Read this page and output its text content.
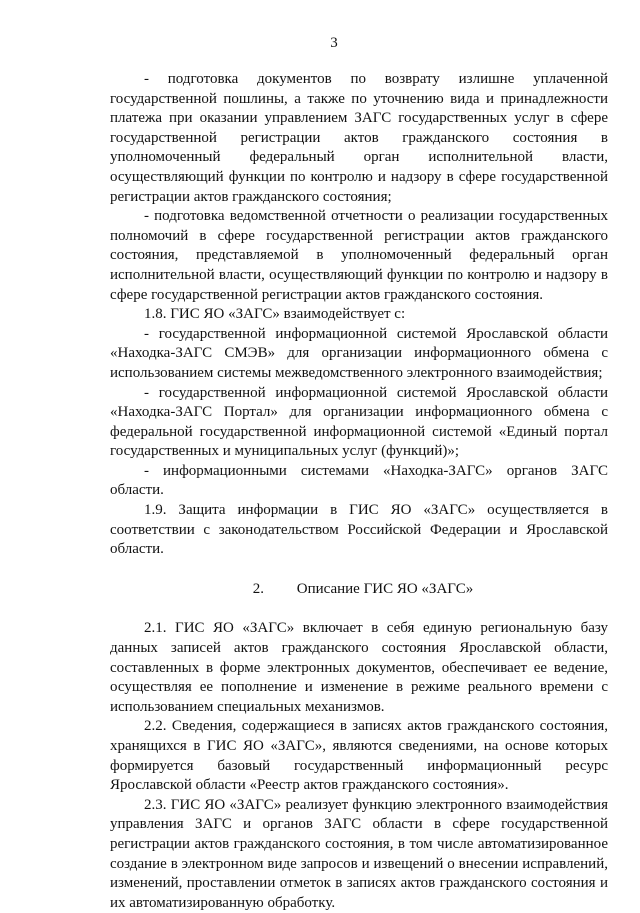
3

- подготовка документов по возврату излишне уплаченной государственной пошлины, а также по уточнению вида и принадлежности платежа при оказании управлением ЗАГС государственных услуг в сфере государственной регистрации актов гражданского состояния в уполномоченный федеральный орган исполнительной власти, осуществляющий функции по контролю и надзору в сфере государственной регистрации актов гражданского состояния;

- подготовка ведомственной отчетности о реализации государственных полномочий в сфере государственной регистрации актов гражданского состояния, представляемой в уполномоченный федеральный орган исполнительной власти, осуществляющий функции по контролю и надзору в сфере государственной регистрации актов гражданского состояния.

1.8. ГИС ЯО «ЗАГС» взаимодействует с:

- государственной информационной системой Ярославской области «Находка-ЗАГС СМЭВ» для организации информационного обмена с использованием системы межведомственного электронного взаимодействия;

- государственной информационной системой Ярославской области «Находка-ЗАГС Портал» для организации информационного обмена с федеральной государственной информационной системой «Единый портал государственных и муниципальных услуг (функций)»;

- информационными системами «Находка-ЗАГС» органов ЗАГС области.

1.9. Защита информации в ГИС ЯО «ЗАГС» осуществляется в соответствии с законодательством Российской Федерации и Ярославской области.

2. Описание ГИС ЯО «ЗАГС»

2.1. ГИС ЯО «ЗАГС» включает в себя единую региональную базу данных записей актов гражданского состояния Ярославской области, составленных в форме электронных документов, обеспечивает ее ведение, осуществляя ее пополнение и изменение в режиме реального времени с использованием специальных механизмов.

2.2. Сведения, содержащиеся в записях актов гражданского состояния, хранящихся в ГИС ЯО «ЗАГС», являются сведениями, на основе которых формируется базовый государственный информационный ресурс Ярославской области «Реестр актов гражданского состояния».

2.3. ГИС ЯО «ЗАГС» реализует функцию электронного взаимодействия управления ЗАГС и органов ЗАГС области в сфере государственной регистрации актов гражданского состояния, в том числе автоматизированное создание в электронном виде запросов и извещений о внесении исправлений, изменений, проставлении отметок в записях актов гражданского состояния и их автоматизированную обработку.
